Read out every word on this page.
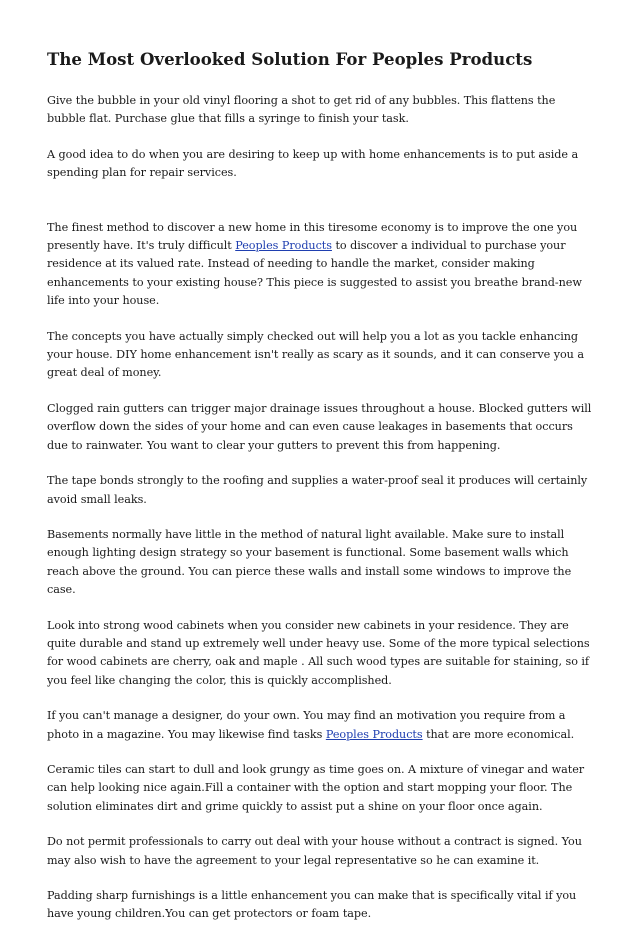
The Most Overlooked Solution For Peoples Products

Give the bubble in your old vinyl flooring a shot to get rid of any bubbles. This flattens the bubble flat. Purchase glue that fills a syringe to finish your task.

A good idea to do when you are desiring to keep up with home enhancements is to put aside a spending plan for repair services.

The finest method to discover a new home in this tiresome economy is to improve the one you presently have. It's truly difficult Peoples Products to discover a individual to purchase your residence at its valued rate. Instead of needing to handle the market, consider making enhancements to your existing house? This piece is suggested to assist you breathe brand-new life into your house.

The concepts you have actually simply checked out will help you a lot as you tackle enhancing your house. DIY home enhancement isn't really as scary as it sounds, and it can conserve you a great deal of money.

Clogged rain gutters can trigger major drainage issues throughout a house. Blocked gutters will overflow down the sides of your home and can even cause leakages in basements that occurs due to rainwater. You want to clear your gutters to prevent this from happening.

The tape bonds strongly to the roofing and supplies a water-proof seal it produces will certainly avoid small leaks.

Basements normally have little in the method of natural light available. Make sure to install enough lighting design strategy so your basement is functional. Some basement walls which reach above the ground. You can pierce these walls and install some windows to improve the case.

Look into strong wood cabinets when you consider new cabinets in your residence. They are quite durable and stand up extremely well under heavy use. Some of the more typical selections for wood cabinets are cherry, oak and maple . All such wood types are suitable for staining, so if you feel like changing the color, this is quickly accomplished.

If you can't manage a designer, do your own. You may find an motivation you require from a photo in a magazine. You may likewise find tasks Peoples Products that are more economical.

Ceramic tiles can start to dull and look grungy as time goes on. A mixture of vinegar and water can help looking nice again.Fill a container with the option and start mopping your floor. The solution eliminates dirt and grime quickly to assist put a shine on your floor once again.

Do not permit professionals to carry out deal with your house without a contract is signed. You may also wish to have the agreement to your legal representative so he can examine it.

Padding sharp furnishings is a little enhancement you can make that is specifically vital if you have young children.You can get protectors or foam tape.
